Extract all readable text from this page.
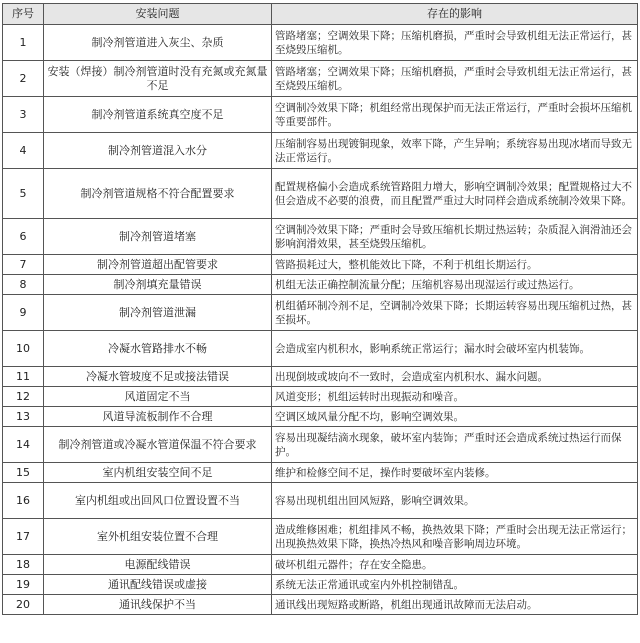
序号	安装问题	存在的影响
1	制冷剂管道进入灰尘、杂质	管路堵塞；空调效果下降；压缩机磨损，严重时会导致机组无法正常运行，甚至烧毁压缩机。
2	安装（焊接）制冷剂管道时没有充氮或充氮量不足	管路堵塞；空调效果下降；压缩机磨损，严重时会导致机组无法正常运行，甚至烧毁压缩机。
3	制冷剂管道系统真空度不足	空调制冷效果下降；机组经常出现保护而无法正常运行，严重时会损坏压缩机等重要部件。
4	制冷剂管道混入水分	压缩制容易出现镀铜现象，效率下降，产生异响；系统容易出现冰堵而导致无法正常运行。
5	制冷剂管道规格不符合配置要求	配置规格偏小会造成系统管路阻力增大，影响空调制冷效果；配置规格过大不但会造成不必要的浪费，而且配置严重过大时同样会造成系统制冷效果下降。
6	制冷剂管道堵塞	空调制冷效果下降；严重时会导致压缩机长期过热运转；杂质混入润滑油还会影响润滑效果，甚至烧毁压缩机。
7	制冷剂管道超出配管要求	管路损耗过大，整机能效比下降，不利于机组长期运行。
8	制冷剂填充量错误	机组无法正确控制流量分配；压缩机容易出现湿运行或过热运行。
9	制冷剂管道泄漏	机组循环制冷剂不足，空调制冷效果下降；长期运转容易出现压缩机过热，甚至损坏。
10	冷凝水管路排水不畅	会造成室内机积水，影响系统正常运行；漏水时会破坏室内机装饰。
11	冷凝水管坡度不足或接法错误	出现倒坡或坡向不一致时，会造成室内机积水、漏水问题。
12	风道固定不当	风道变形；机组运转时出现振动和噪音。
13	风道导流板制作不合理	空调区域风量分配不均，影响空调效果。
14	制冷剂管道或冷凝水管道保温不符合要求	容易出现凝结滴水现象，破坏室内装饰；严重时还会造成系统过热运行而保护。
15	室内机组安装空间不足	维护和检修空间不足，操作时要破坏室内装修。
16	室内机组或出回风口位置设置不当	容易出现机组出回风短路，影响空调效果。
17	室外机组安装位置不合理	造成维修困难；机组排风不畅，换热效果下降；严重时会出现无法正常运行；出现换热效果下降，换热冷热风和噪音影响周边环境。
18	电源配线错误	破坏机组元器件；存在安全隐患。
19	通讯配线错误或虚接	系统无法正常通讯或室内外机控制错乱。
20	通讯线保护不当	通讯线出现短路或断路，机组出现通讯故障而无法启动。
